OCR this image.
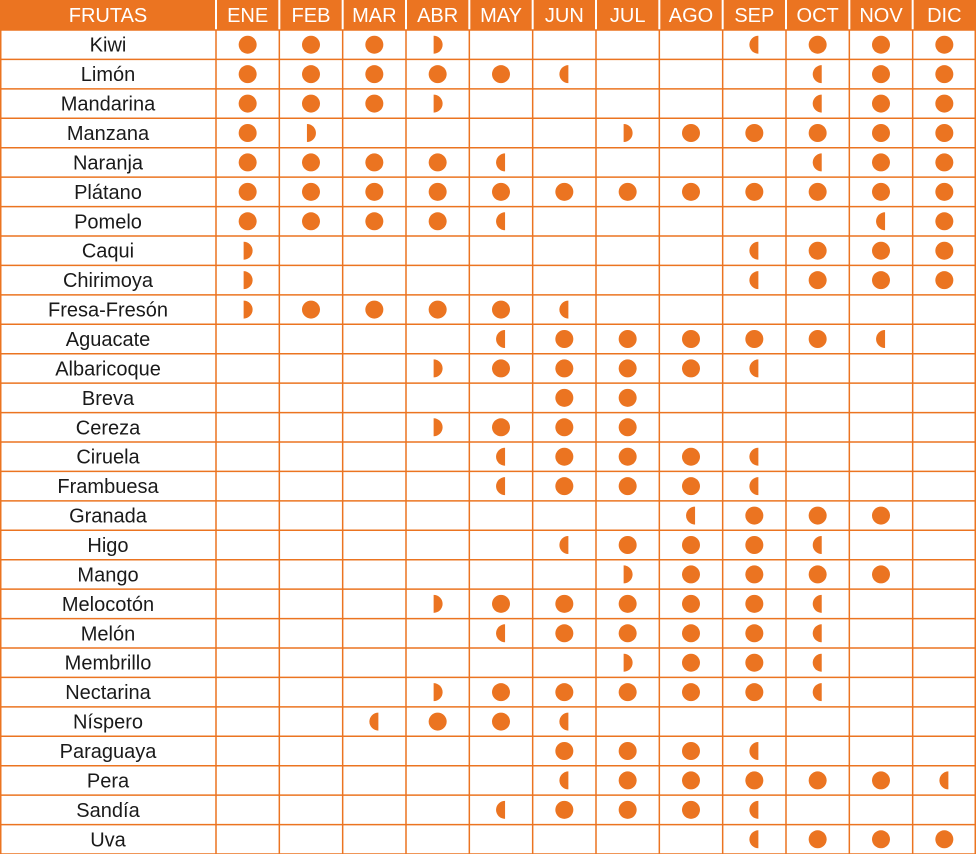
FRUTAS	ENE FEB MAR ABR MAY JUN JUL AGO SEP OCT NOV DIC
Kiwi
Limón
Mandarina
Manzana
Naranja
Plátano
Pomelo
Caqui
Chirimoya
Fresa-Fresón
Aguacate
Albaricoque
Breva
Cereza
Ciruela
Frambuesa
Granada
Higo
Mango
Melocotón
Melón
Membrillo
Nectarina
Níspero
Paraguaya
Pera
Sandía
Uva
